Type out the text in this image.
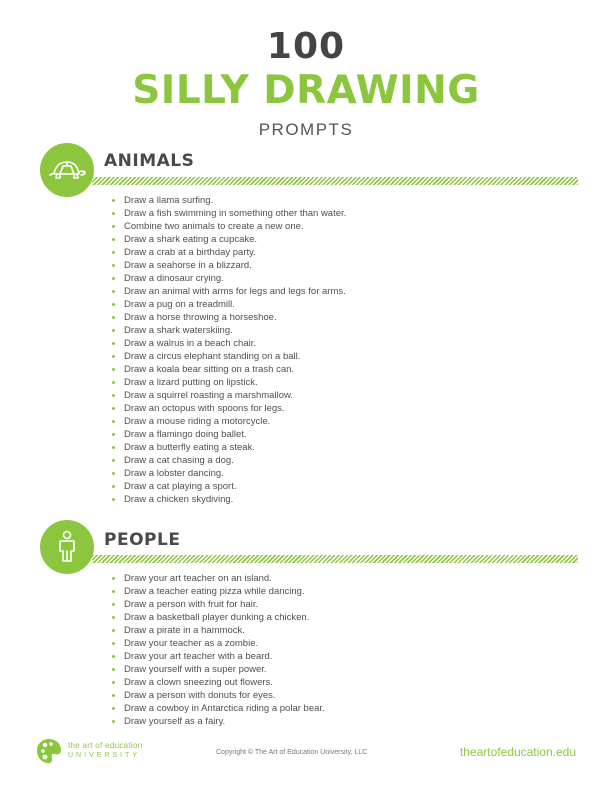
100
SILLY DRAWING
PROMPTS
ANIMALS
Draw a llama surfing.
Draw a fish swimming in something other than water.
Combine two animals to create a new one.
Draw a shark eating a cupcake.
Draw a crab at a birthday party.
Draw a seahorse in a blizzard.
Draw a dinosaur crying.
Draw an animal with arms for legs and legs for arms.
Draw a pug on a treadmill.
Draw a horse throwing a horseshoe.
Draw a shark waterskiing.
Draw a walrus in a beach chair.
Draw a circus elephant standing on a ball.
Draw a koala bear sitting on a trash can.
Draw a lizard putting on lipstick.
Draw a squirrel roasting a marshmallow.
Draw an octopus with spoons for legs.
Draw a mouse riding a motorcycle.
Draw a flamingo doing ballet.
Draw a butterfly eating a steak.
Draw a cat chasing a dog.
Draw a lobster dancing.
Draw a cat playing a sport.
Draw a chicken skydiving.
PEOPLE
Draw your art teacher on an island.
Draw a teacher eating pizza while dancing.
Draw a person with fruit for hair.
Draw a basketball player dunking a chicken.
Draw a pirate in a hammock.
Draw your teacher as a zombie.
Draw your art teacher with a beard.
Draw yourself with a super power.
Draw a clown sneezing out flowers.
Draw a person with donuts for eyes.
Draw a cowboy in Antarctica riding a polar bear.
Draw yourself as a fairy.
the art of education
UNIVERSITY	Copyright © The Art of Education University, LLC	theartofeducation.edu
